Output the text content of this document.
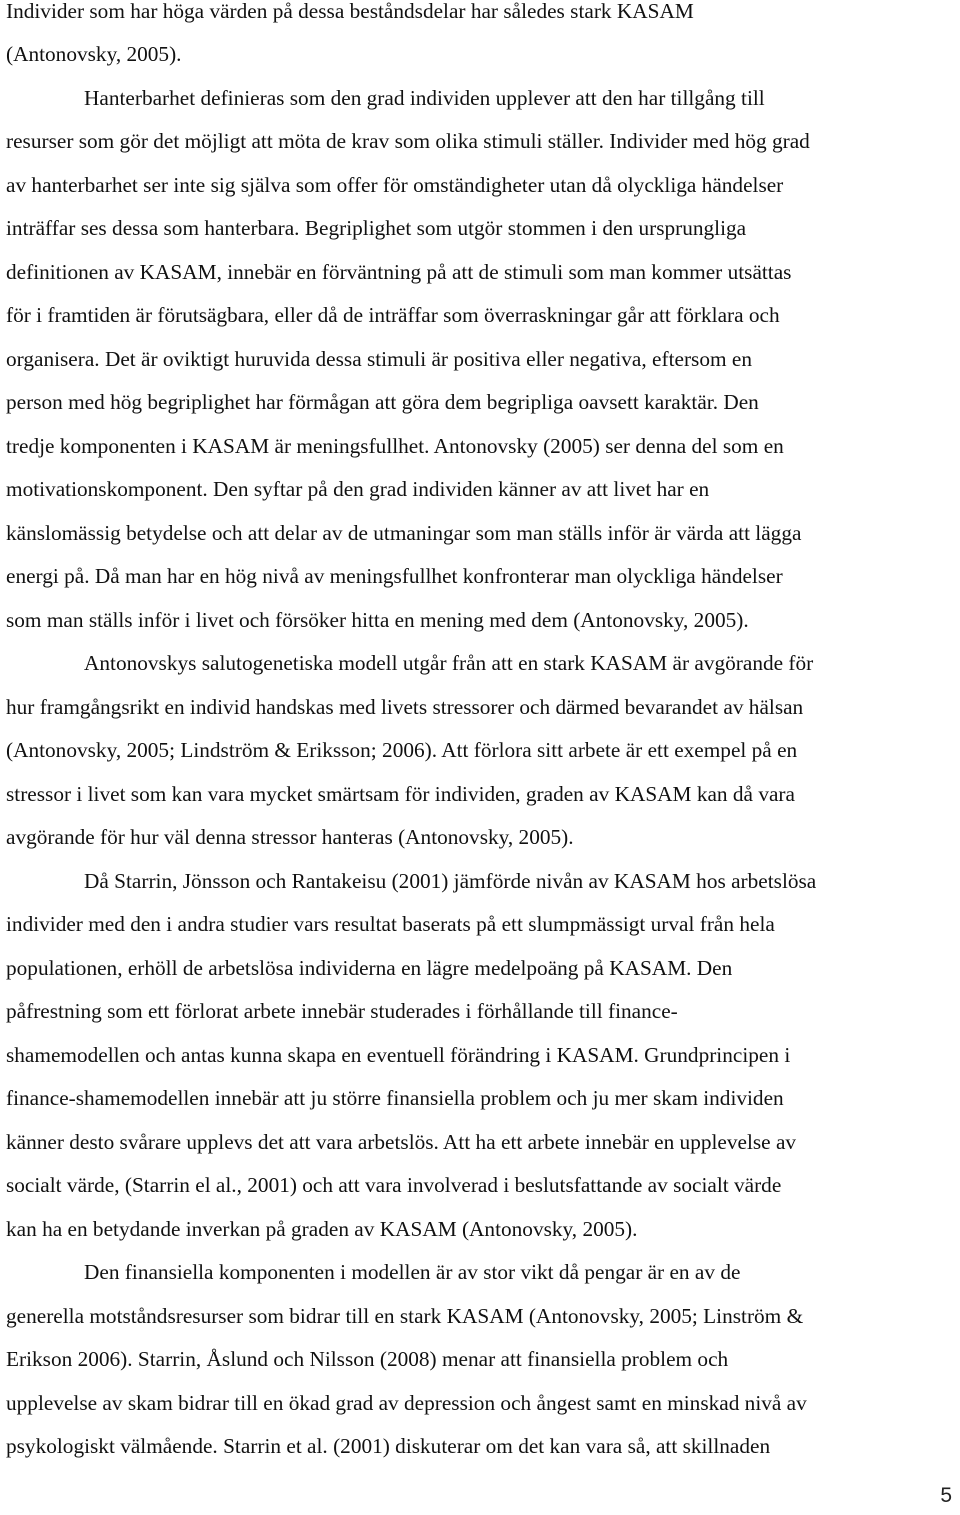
Individer som har höga värden på dessa beståndsdelar har således stark KASAM
(Antonovsky, 2005).
Hanterbarhet definieras som den grad individen upplever att den har tillgång till
resurser som gör det möjligt att möta de krav som olika stimuli ställer. Individer med hög grad
av hanterbarhet ser inte sig själva som offer för omständigheter utan då olyckliga händelser
inträffar ses dessa som hanterbara. Begriplighet som utgör stommen i den ursprungliga
definitionen av KASAM, innebär en förväntning på att de stimuli som man kommer utsättas
för i framtiden är förutsägbara, eller då de inträffar som överraskningar går att förklara och
organisera. Det är oviktigt huruvida dessa stimuli är positiva eller negativa, eftersom en
person med hög begriplighet har förmågan att göra dem begripliga oavsett karaktär. Den
tredje komponenten i KASAM är meningsfullhet. Antonovsky (2005) ser denna del som en
motivationskomponent. Den syftar på den grad individen känner av att livet har en
känslomässig betydelse och att delar av de utmaningar som man ställs inför är värda att lägga
energi på. Då man har en hög nivå av meningsfullhet konfronterar man olyckliga händelser
som man ställs inför i livet och försöker hitta en mening med dem (Antonovsky, 2005).
Antonovskys salutogenetiska modell utgår från att en stark KASAM är avgörande för
hur framgångsrikt en individ handskas med livets stressorer och därmed bevarandet av hälsan
(Antonovsky, 2005; Lindström & Eriksson; 2006). Att förlora sitt arbete är ett exempel på en
stressor i livet som kan vara mycket smärtsam för individen, graden av KASAM kan då vara
avgörande för hur väl denna stressor hanteras (Antonovsky, 2005).
Då Starrin, Jönsson och Rantakeisu (2001) jämförde nivån av KASAM hos arbetslösa
individer med den i andra studier vars resultat baserats på ett slumpmässigt urval från hela
populationen, erhöll de arbetslösa individerna en lägre medelpoäng på KASAM. Den
påfrestning som ett förlorat arbete innebär studerades i förhållande till finance-
shamemodellen och antas kunna skapa en eventuell förändring i KASAM. Grundprincipen i
finance-shamemodellen innebär att ju större finansiella problem och ju mer skam individen
känner desto svårare upplevs det att vara arbetslös. Att ha ett arbete innebär en upplevelse av
socialt värde, (Starrin el al., 2001) och att vara involverad i beslutsfattande av socialt värde
kan ha en betydande inverkan på graden av KASAM (Antonovsky, 2005).
Den finansiella komponenten i modellen är av stor vikt då pengar är en av de
generella motståndsresurser som bidrar till en stark KASAM (Antonovsky, 2005; Linström &
Erikson 2006). Starrin, Åslund och Nilsson (2008) menar att finansiella problem och
upplevelse av skam bidrar till en ökad grad av depression och ångest samt en minskad nivå av
psykologiskt välmående. Starrin et al. (2001) diskuterar om det kan vara så, att skillnaden
5
